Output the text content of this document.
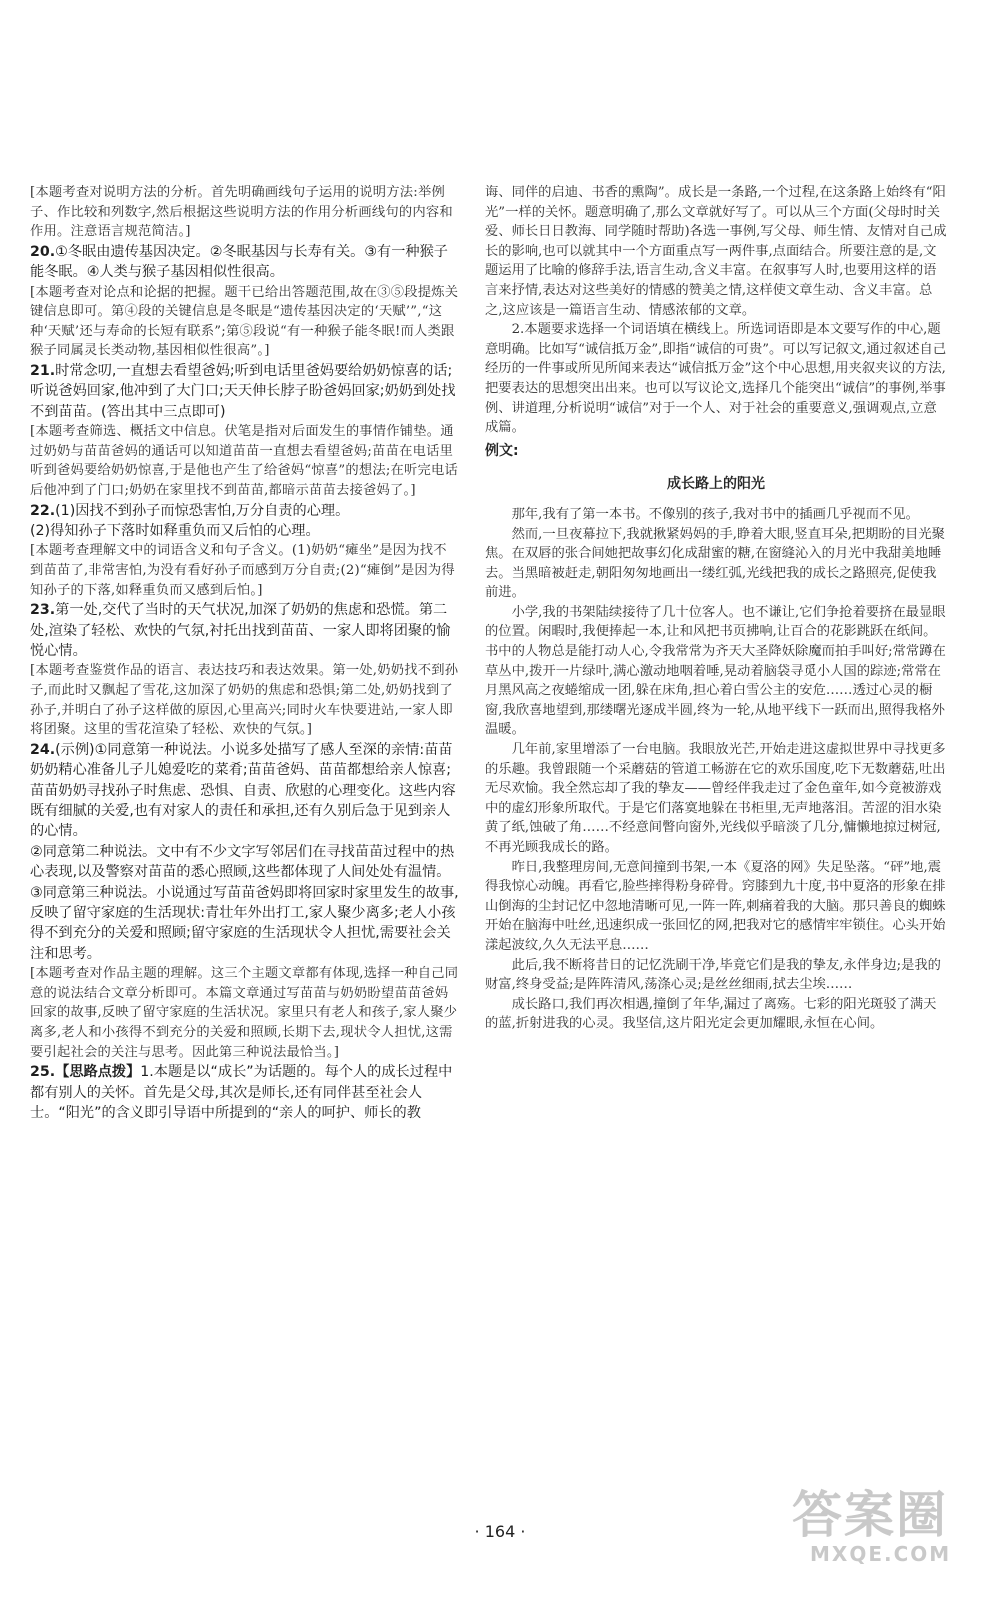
[本题考查对说明方法的分析。首先明确画线句子运用的说明方法:举例子、作比较和列数字,然后根据这些说明方法的作用分析画线句的内容和作用。注意语言规范简洁。]

20.①冬眠由遗传基因决定。②冬眠基因与长寿有关。③有一种猴子能冬眠。④人类与猴子基因相似性很高。

[本题考查对论点和论据的把握。题干已给出答题范围,故在③⑤段提炼关键信息即可。第④段的关键信息是冬眠是“遗传基因决定的‘天赋’”,“这种‘天赋’还与寿命的长短有联系”;第⑤段说“有一种猴子能冬眠!而人类跟猴子同属灵长类动物,基因相似性很高”。]

21.时常念叨,一直想去看望爸妈;听到电话里爸妈要给奶奶惊喜的话;听说爸妈回家,他冲到了大门口;天天伸长脖子盼爸妈回家;奶奶到处找不到苗苗。(答出其中三点即可)

[本题考查筛选、概括文中信息。伏笔是指对后面发生的事情作铺垫。通过奶奶与苗苗爸妈的通话可以知道苗苗一直想去看望爸妈;苗苗在电话里听到爸妈要给奶奶惊喜,于是他也产生了给爸妈“惊喜”的想法;在听完电话后他冲到了门口;奶奶在家里找不到苗苗,都暗示苗苗去接爸妈了。]

22.(1)因找不到孙子而惊恐害怕,万分自责的心理。

(2)得知孙子下落时如释重负而又后怕的心理。

[本题考查理解文中的词语含义和句子含义。(1)奶奶“瘫坐”是因为找不到苗苗了,非常害怕,为没有看好孙子而感到万分自责;(2)“瘫倒”是因为得知孙子的下落,如释重负而又感到后怕。]

23.第一处,交代了当时的天气状况,加深了奶奶的焦虑和恐慌。第二处,渲染了轻松、欢快的气氛,衬托出找到苗苗、一家人即将团聚的愉悦心情。

[本题考查鉴赏作品的语言、表达技巧和表达效果。第一处,奶奶找不到孙子,而此时又飘起了雪花,这加深了奶奶的焦虑和恐惧;第二处,奶奶找到了孙子,并明白了孙子这样做的原因,心里高兴;同时火车快要进站,一家人即将团聚。这里的雪花渲染了轻松、欢快的气氛。]

24.(示例)①同意第一种说法。小说多处描写了感人至深的亲情:苗苗奶奶精心准备儿子儿媳爱吃的菜肴;苗苗爸妈、苗苗都想给亲人惊喜;苗苗奶奶寻找孙子时焦虑、恐惧、自责、欣慰的心理变化。这些内容既有细腻的关爱,也有对家人的责任和承担,还有久别后急于见到亲人的心情。

②同意第二种说法。文中有不少文字写邻居们在寻找苗苗过程中的热心表现,以及警察对苗苗的悉心照顾,这些都体现了人间处处有温情。

③同意第三种说法。小说通过写苗苗爸妈即将回家时家里发生的故事,反映了留守家庭的生活现状:青壮年外出打工,家人聚少离多;老人小孩得不到充分的关爱和照顾;留守家庭的生活现状令人担忧,需要社会关注和思考。

[本题考查对作品主题的理解。这三个主题文章都有体现,选择一种自己同意的说法结合文章分析即可。本篇文章通过写苗苗与奶奶盼望苗苗爸妈回家的故事,反映了留守家庭的生活状况。家里只有老人和孩子,家人聚少离多,老人和小孩得不到充分的关爱和照顾,长期下去,现状令人担忧,这需要引起社会的关注与思考。因此第三种说法最恰当。]

25.【思路点拨】1.本题是以“成长”为话题的。每个人的成长过程中都有别人的关怀。首先是父母,其次是师长,还有同伴甚至社会人士。“阳光”的含义即引导语中所提到的“亲人的呵护、师长的教

诲、同伴的启迪、书香的熏陶”。成长是一条路,一个过程,在这条路上始终有“阳光”一样的关怀。题意明确了,那么文章就好写了。可以从三个方面(父母时时关爱、师长日日教海、同学随时帮助)各选一事例,写父母、师生情、友情对自己成长的影响,也可以就其中一个方面重点写一两件事,点面结合。所要注意的是,文题运用了比喻的修辞手法,语言生动,含义丰富。在叙事写人时,也要用这样的语言来抒情,表达对这些美好的情感的赞美之情,这样使文章生动、含义丰富。总之,这应该是一篇语言生动、情感浓郁的文章。

2.本题要求选择一个词语填在横线上。所选词语即是本文要写作的中心,题意明确。比如写“诚信抵万金”,即指“诚信的可贵”。可以写记叙文,通过叙述自己经历的一件事或所见所闻来表达“诚信抵万金”这个中心思想,用夹叙夹议的方法,把要表达的思想突出出来。也可以写议论文,选择几个能突出“诚信”的事例,举事例、讲道理,分析说明“诚信”对于一个人、对于社会的重要意义,强调观点,立意成篇。

例文:

成长路上的阳光

那年,我有了第一本书。不像别的孩子,我对书中的插画几乎视而不见。

然而,一旦夜幕拉下,我就揪紧妈妈的手,睁着大眼,竖直耳朵,把期盼的目光聚焦。在双唇的张合间她把故事幻化成甜蜜的糖,在窗缝沁入的月光中我甜美地睡去。当黑暗被赶走,朝阳匆匆地画出一缕红弧,光线把我的成长之路照亮,促使我前进。

小学,我的书架陆续接待了几十位客人。也不谦让,它们争抢着要挤在最显眼的位置。闲暇时,我便捧起一本,让和风把书页拂响,让百合的花影跳跃在纸间。书中的人物总是能打动人心,令我常常为齐天大圣降妖除魔而拍手叫好;常常蹲在草丛中,拨开一片绿叶,满心激动地咽着唾,晃动着脑袋寻觅小人国的踪迹;常常在月黑风高之夜蜷缩成一团,躲在床角,担心着白雪公主的安危……透过心灵的橱窗,我欣喜地望到,那缕曙光逐成半圆,终为一轮,从地平线下一跃而出,照得我格外温暖。

几年前,家里增添了一台电脑。我眼放光芒,开始走进这虚拟世界中寻找更多的乐趣。我曾跟随一个采蘑菇的管道工畅游在它的欢乐国度,吃下无数蘑菇,吐出无尽欢愉。我全然忘却了我的挚友——曾经伴我走过了金色童年,如今竟被游戏中的虚幻形象所取代。于是它们落寞地躲在书柜里,无声地落泪。苦涩的泪水染黄了纸,蚀破了角……不经意间瞥向窗外,光线似乎暗淡了几分,慵懒地掠过树冠,不再光顾我成长的路。

昨日,我整理房间,无意间撞到书架,一本《夏洛的网》失足坠落。“砰”地,震得我惊心动魄。再看它,脸些摔得粉身碎骨。窍膝到九十度,书中夏洛的形象在排山倒海的尘封记忆中忽地清晰可见,一阵一阵,刺痛着我的大脑。那只善良的蜘蛛开始在脑海中吐丝,迅速织成一张回忆的网,把我对它的感情牢牢锁住。心头开始漾起波纹,久久无法平息……

此后,我不断将昔日的记忆洗刷干净,毕竟它们是我的挚友,永伴身边;是我的财富,终身受益;是阵阵清风,荡涤心灵;是丝丝细雨,拭去尘埃……

成长路口,我们再次相遇,撞倒了年华,漏过了离殇。七彩的阳光斑驳了满天的蓝,折射进我的心灵。我坚信,这片阳光定会更加耀眼,永恒在心间。

· 164 ·	答案圈
MXQE.COM
